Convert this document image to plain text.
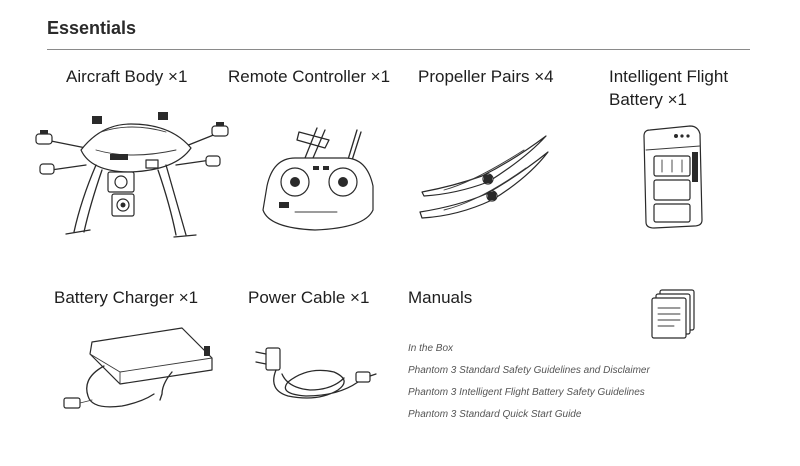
Essentials
Aircraft Body ×1 Remote Controller ×1 Propeller Pairs ×4	Intelligent Flight
Battery ×1
Battery Charger ×1	Power Cable ×1 Manuals
In the Box
Phantom 3 Standard Safety Guidelines and Disclaimer
Phantom 3 Intelligent Flight Battery Safety Guidelines
Phantom 3 Standard Quick Start Guide
